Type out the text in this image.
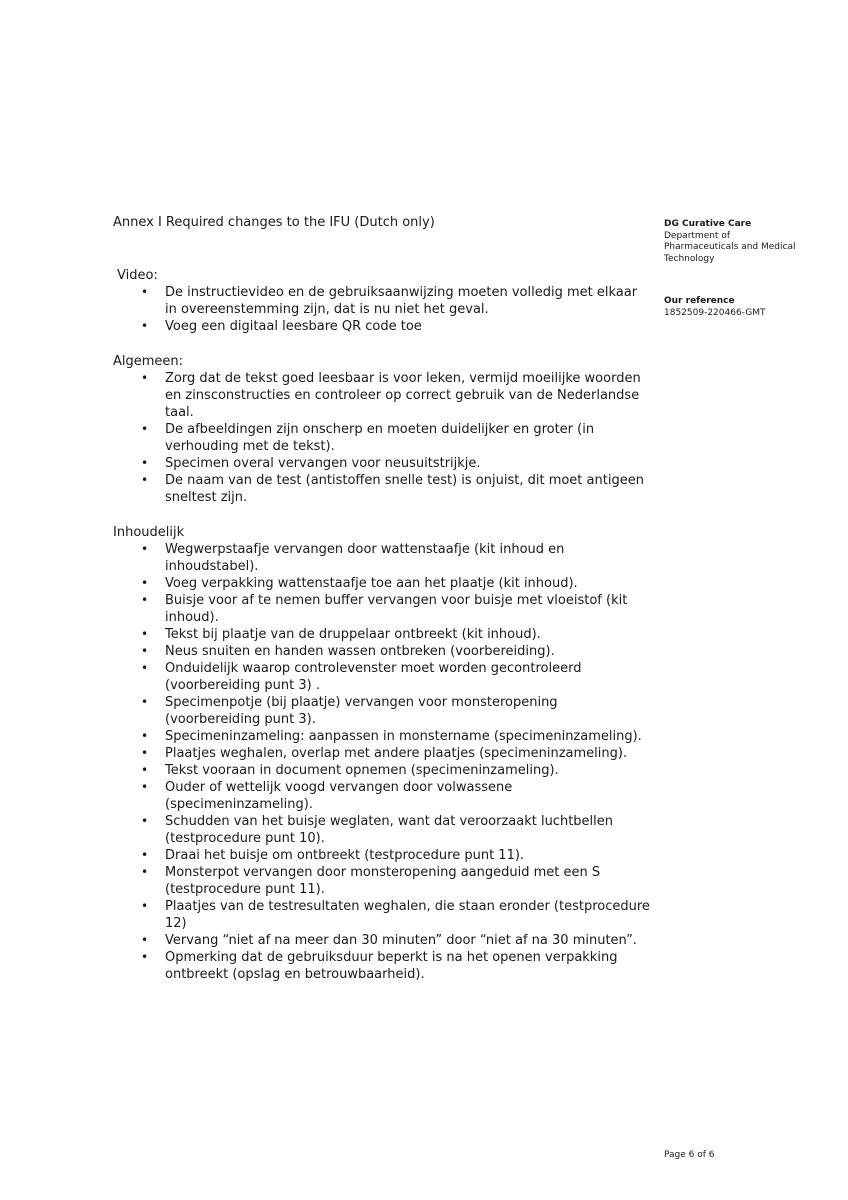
Annex I Required changes to the IFU (Dutch only)

Video:

• De instructievideo en de gebruiksaanwijzing moeten volledig met elkaar in overeenstemming zijn, dat is nu niet het geval.
• Voeg een digitaal leesbare QR code toe

Algemeen:

• Zorg dat de tekst goed leesbaar is voor leken, vermijd moeilijke woorden en zinsconstructies en controleer op correct gebruik van de Nederlandse taal.
• De afbeeldingen zijn onscherp en moeten duidelijker en groter (in verhouding met de tekst).
• Specimen overal vervangen voor neusuitstrijkje.
• De naam van de test (antistoffen snelle test) is onjuist, dit moet antigeen sneltest zijn.

Inhoudelijk

• Wegwerpstaafje vervangen door wattenstaafje (kit inhoud en inhoudstabel).
• Voeg verpakking wattenstaafje toe aan het plaatje (kit inhoud).
• Buisje voor af te nemen buffer vervangen voor buisje met vloeistof (kit inhoud).
• Tekst bij plaatje van de druppelaar ontbreekt (kit inhoud).
• Neus snuiten en handen wassen ontbreken (voorbereiding).
• Onduidelijk waarop controlevenster moet worden gecontroleerd (voorbereiding punt 3) .
• Specimenpotje (bij plaatje) vervangen voor monsteropening (voorbereiding punt 3).
• Specimeninzameling: aanpassen in monstername (specimeninzameling).
• Plaatjes weghalen, overlap met andere plaatjes (specimeninzameling).
• Tekst vooraan in document opnemen (specimeninzameling).
• Ouder of wettelijk voogd vervangen door volwassene (specimeninzameling).
• Schudden van het buisje weglaten, want dat veroorzaakt luchtbellen (testprocedure punt 10).
• Draai het buisje om ontbreekt (testprocedure punt 11).
• Monsterpot vervangen door monsteropening aangeduid met een S (testprocedure punt 11).
• Plaatjes van de testresultaten weghalen, die staan eronder (testprocedure 12)
• Vervang “niet af na meer dan 30 minuten” door “niet af na 30 minuten”.
• Opmerking dat de gebruiksduur beperkt is na het openen verpakking ontbreekt (opslag en betrouwbaarheid).
DG Curative Care
Department of
Pharmaceuticals and Medical
Technology
Our reference
1852509-220466-GMT
Page 6 of 6
